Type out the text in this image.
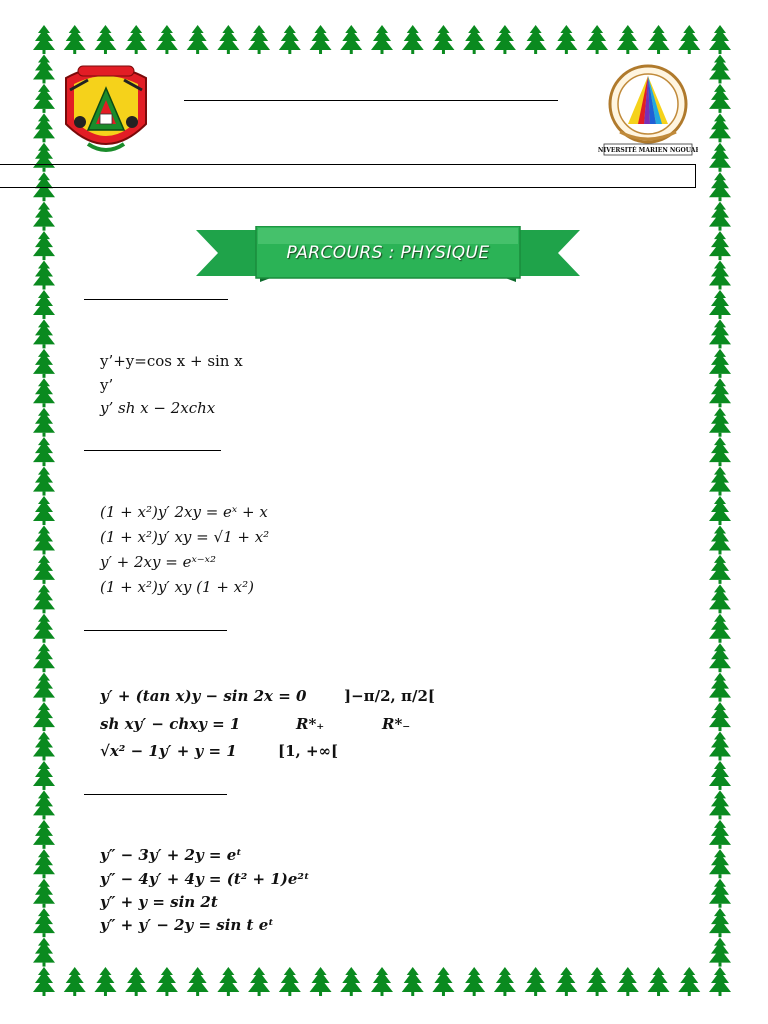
UNIVERSITÉ MARIEN NGOUABI
PARCOURS : PHYSIQUE
y’+y=cos x + sin x
y’
y’ sh x − 2xchx
(1 + x²)y′ 2xy = eˣ + x
(1 + x²)y′ xy = √1 + x²
y′ + 2xy = eˣ⁻ˣ²
(1 + x²)y′ xy (1 + x²)
y′ + (tan x)y − sin 2x = 0	]−π/2, π/2[
sh xy′ − chxy = 1	R*₊	R*₋
√x² − 1y′ + y = 1	[1, +∞[
y″ − 3y′ + 2y = eᵗ
y″ − 4y′ + 4y = (t² + 1)e²ᵗ
y″ + y = sin 2t
y″ + y′ − 2y = sin t eᵗ
